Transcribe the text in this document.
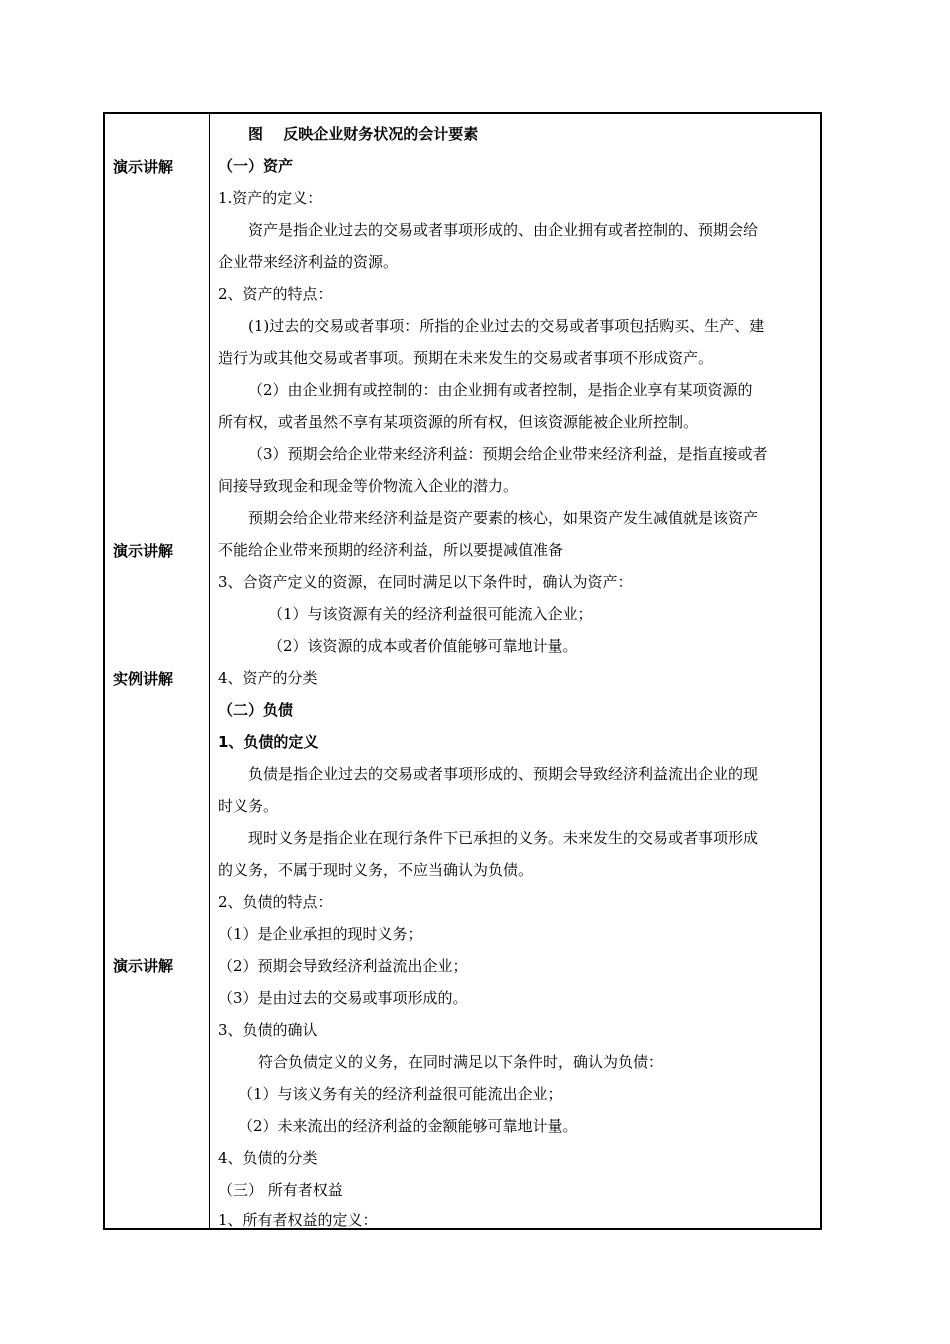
演示讲解
演示讲解
实例讲解
演示讲解
图　 反映企业财务状况的会计要素
（一）资产
1.资产的定义：
资产是指企业过去的交易或者事项形成的、由企业拥有或者控制的、预期会给
企业带来经济利益的资源。
2、资产的特点：
(1)过去的交易或者事项：所指的企业过去的交易或者事项包括购买、生产、建
造行为或其他交易或者事项。预期在未来发生的交易或者事项不形成资产。
（2）由企业拥有或控制的：由企业拥有或者控制，是指企业享有某项资源的
所有权，或者虽然不享有某项资源的所有权，但该资源能被企业所控制。
（3）预期会给企业带来经济利益：预期会给企业带来经济利益，是指直接或者
间接导致现金和现金等价物流入企业的潜力。
预期会给企业带来经济利益是资产要素的核心，如果资产发生减值就是该资产
不能给企业带来预期的经济利益，所以要提减值准备
3、合资产定义的资源，在同时满足以下条件时，确认为资产：
（1）与该资源有关的经济利益很可能流入企业；
（2）该资源的成本或者价值能够可靠地计量。
4、资产的分类
（二）负债
1、负债的定义
负债是指企业过去的交易或者事项形成的、预期会导致经济利益流出企业的现
时义务。
现时义务是指企业在现行条件下已承担的义务。未来发生的交易或者事项形成
的义务，不属于现时义务，不应当确认为负债。
2、负债的特点：
（1）是企业承担的现时义务；
（2）预期会导致经济利益流出企业；
（3）是由过去的交易或事项形成的。
3、负债的确认
符合负债定义的义务，在同时满足以下条件时，确认为负债：
（1）与该义务有关的经济利益很可能流出企业；
（2）未来流出的经济利益的金额能够可靠地计量。
4、负债的分类
（三） 所有者权益
1、所有者权益的定义：
